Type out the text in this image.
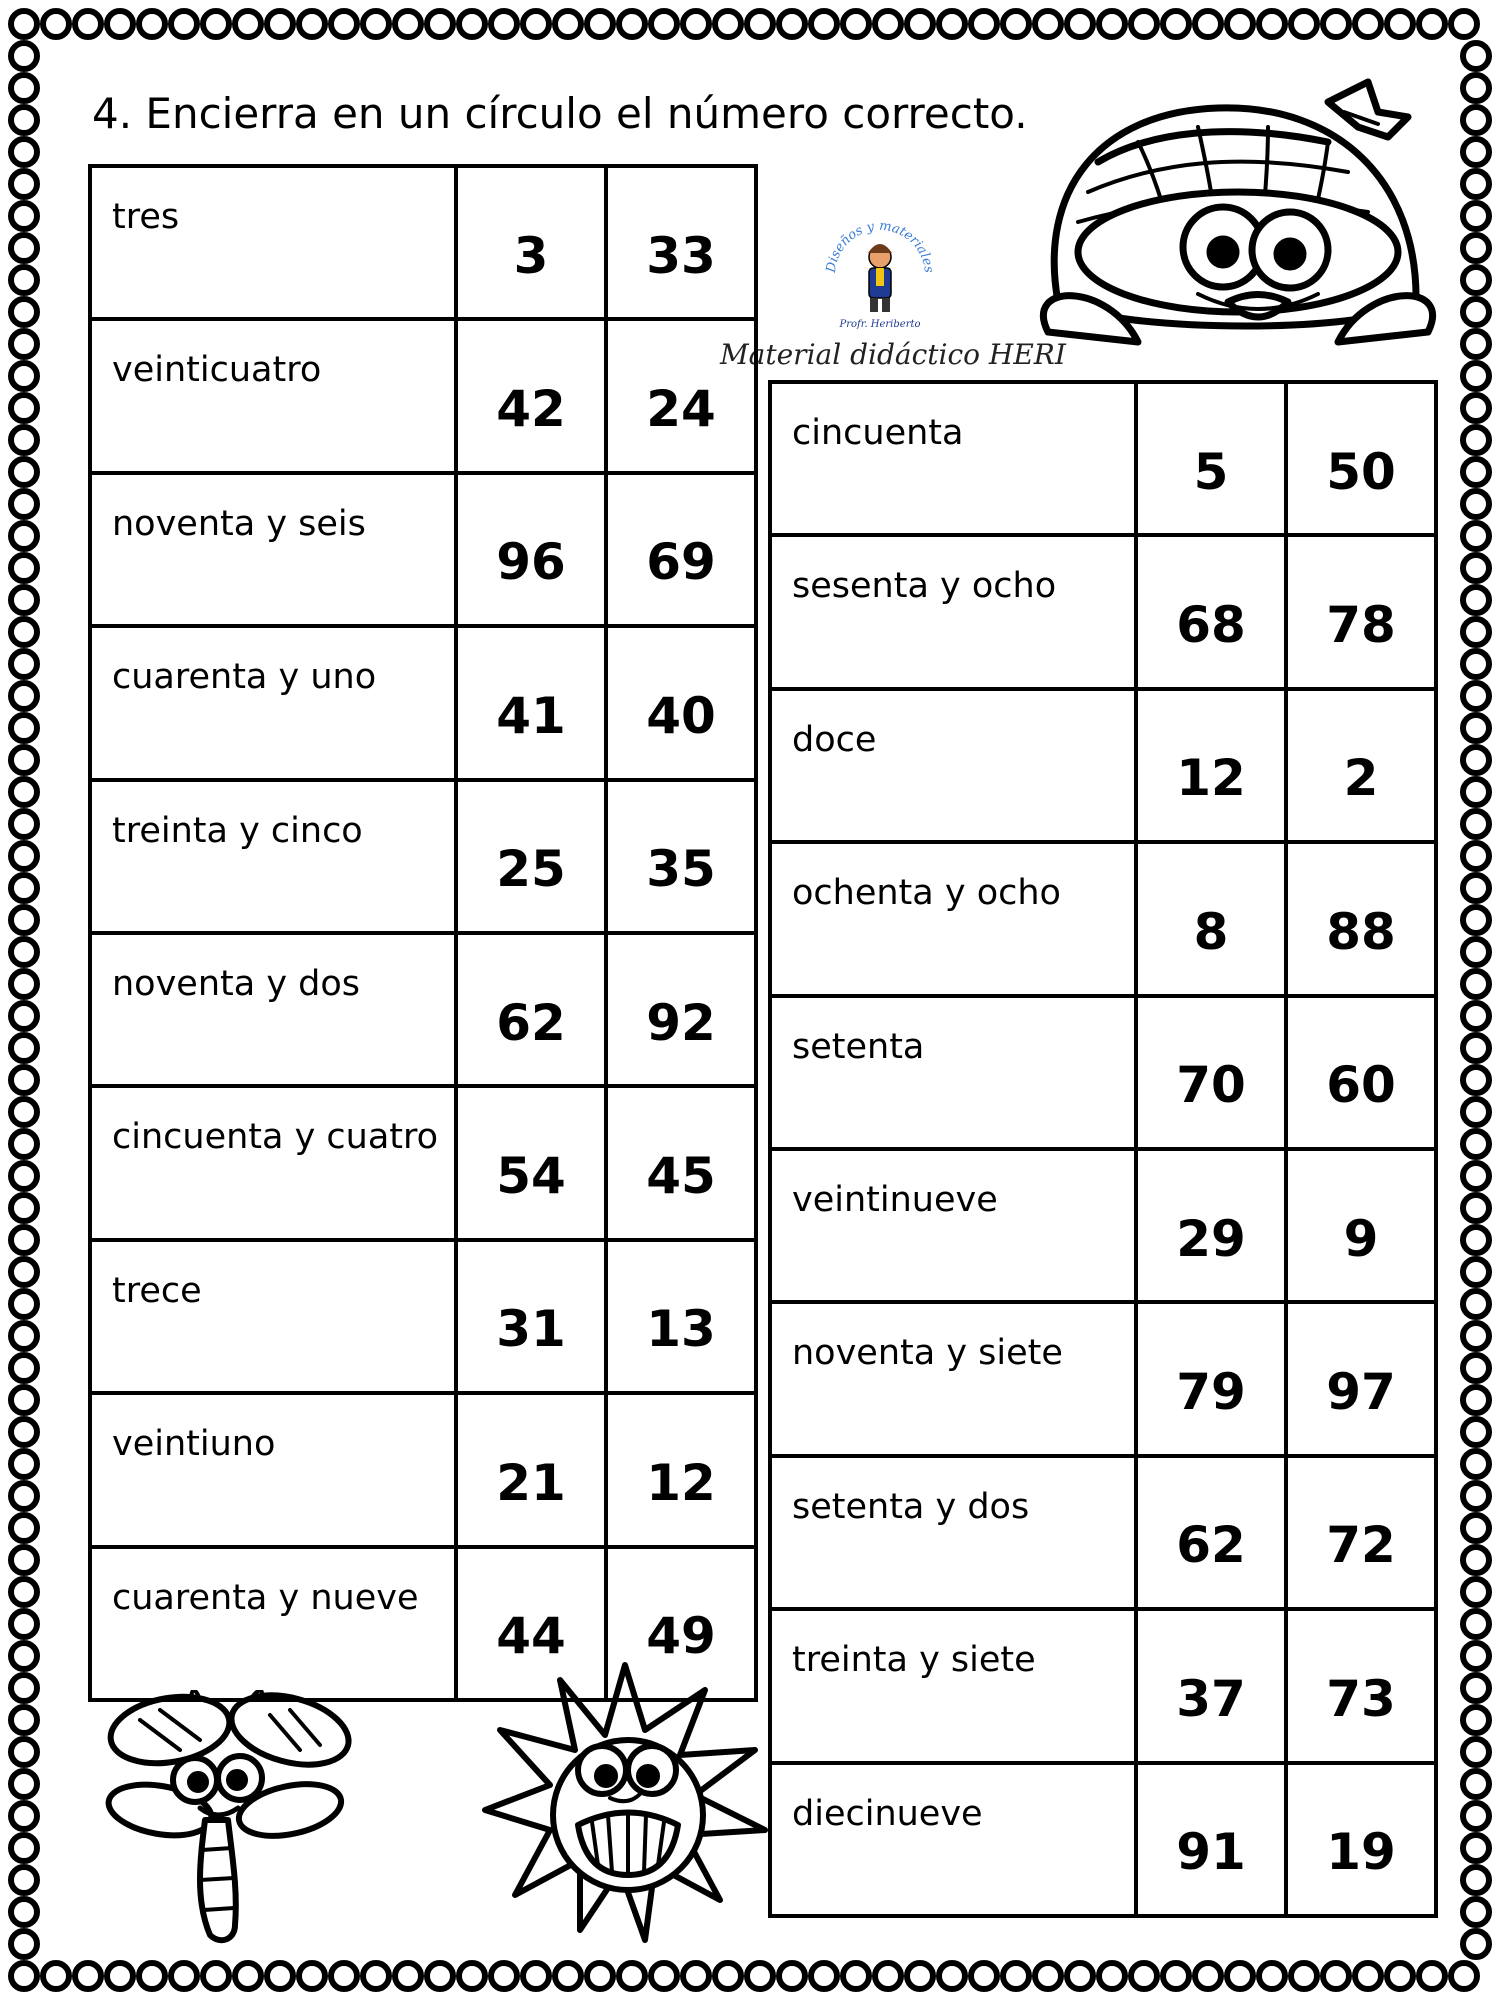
4. Encierra en un círculo el número correcto.
Diseños y materiales
Profr. Heriberto
Material didáctico HERI
tres	3	33
veinticuatro	42	24
noventa y seis	96	69
cuarenta y uno	41	40
treinta y cinco	25	35
noventa y dos	62	92
cincuenta y cuatro	54	45
trece	31	13
veintiuno	21	12
cuarenta y nueve	44	49
cincuenta	5	50
sesenta y ocho	68	78
doce	12	2
ochenta y ocho	8	88
setenta	70	60
veintinueve	29	9
noventa y siete	79	97
setenta y dos	62	72
treinta y siete	37	73
diecinueve	91	19
